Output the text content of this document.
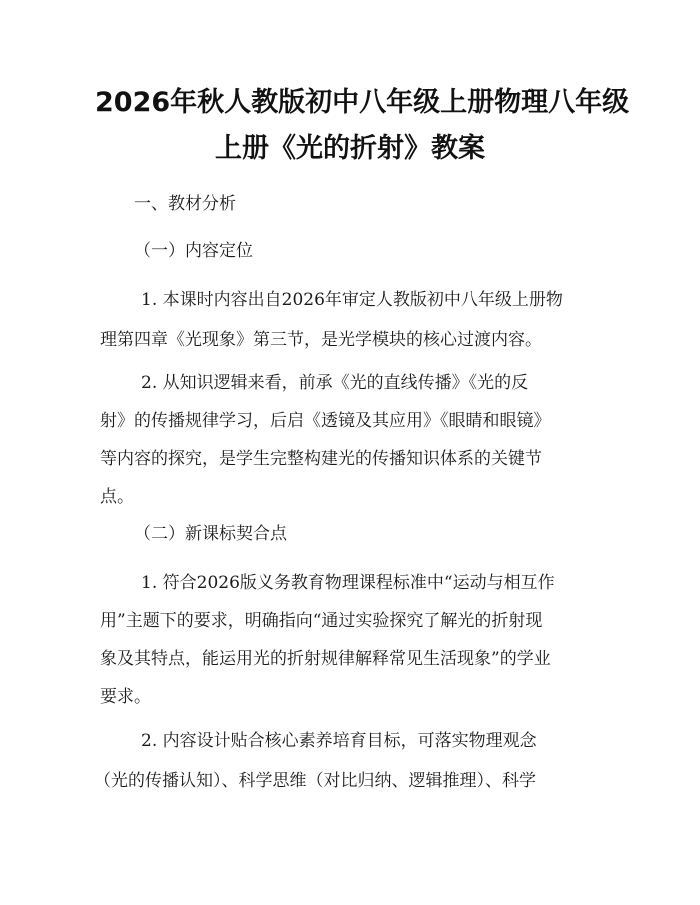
2026年秋人教版初中八年级上册物理八年级
上册《光的折射》教案
一、教材分析
（一）内容定位
1. 本课时内容出自2026年审定人教版初中八年级上册物
理第四章《光现象》第三节，是光学模块的核心过渡内容。
2. 从知识逻辑来看，前承《光的直线传播》《光的反
射》的传播规律学习，后启《透镜及其应用》《眼睛和眼镜》
等内容的探究，是学生完整构建光的传播知识体系的关键节
点。
（二）新课标契合点
1. 符合2026版义务教育物理课程标准中“运动与相互作
用”主题下的要求，明确指向“通过实验探究了解光的折射现
象及其特点，能运用光的折射规律解释常见生活现象”的学业
要求。
2. 内容设计贴合核心素养培育目标，可落实物理观念
（光的传播认知）、科学思维（对比归纳、逻辑推理）、科学
